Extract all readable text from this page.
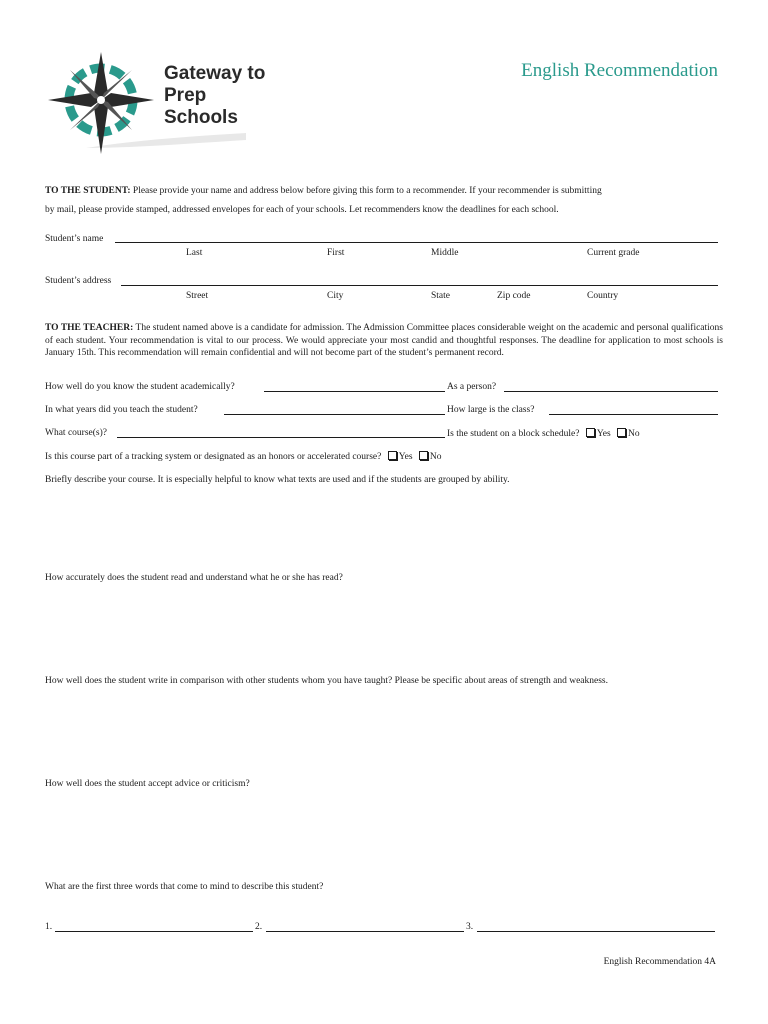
Gateway to
Prep
Schools
English Recommendation
TO THE STUDENT: Please provide your name and address below before giving this form to a recommender. If your recommender is submitting
by mail, please provide stamped, addressed envelopes for each of your schools. Let recommenders know the deadlines for each school.
Student’s name
Last	First	Middle	Current grade
Student’s address
Street	City	State	Zip code	Country
TO THE TEACHER: The student named above is a candidate for admission. The Admission Committee places considerable weight on the academic and personal qualifications of each student. Your recommendation is vital to our process. We would appreciate your most candid and thoughtful responses. The deadline for application to most schools is January 15th. This recommendation will remain confidential and will not become part of the student’s permanent record.
How well do you know the student academically?	As a person?
In what years did you teach the student?	How large is the class?
What course(s)?	Is the student on a block schedule? Yes No
Is this course part of a tracking system or designated as an honors or accelerated course? Yes No
Briefly describe your course. It is especially helpful to know what texts are used and if the students are grouped by ability.
How accurately does the student read and understand what he or she has read?
How well does the student write in comparison with other students whom you have taught? Please be specific about areas of strength and weakness.
How well does the student accept advice or criticism?
What are the first three words that come to mind to describe this student?
1.	2.	3.
English Recommendation 4A
